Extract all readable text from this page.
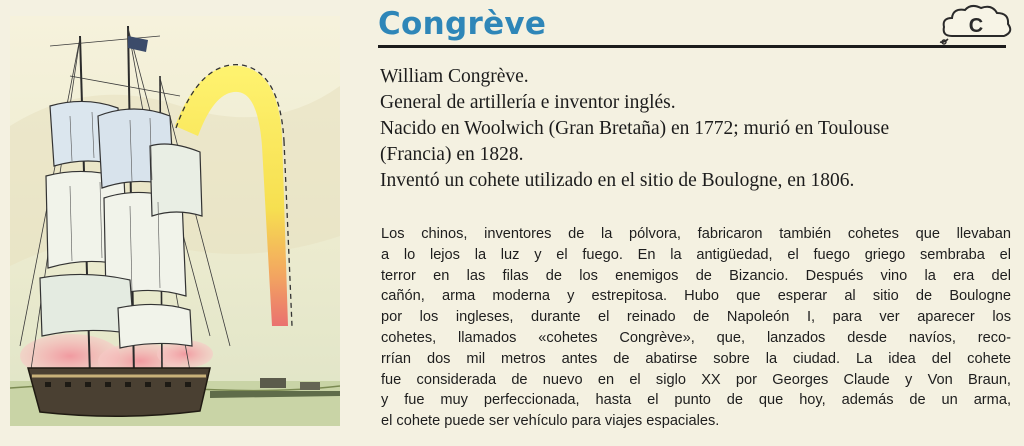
Congrève	C
William Congrève.
General de artillería e inventor inglés.
Nacido en Woolwich (Gran Bretaña) en 1772; murió en Toulouse
(Francia) en 1828.
Inventó un cohete utilizado en el sitio de Boulogne, en 1806.
Los chinos, inventores de la pólvora, fabricaron también cohetes que llevaban
a lo lejos la luz y el fuego. En la antigüedad, el fuego griego sembraba el
terror en las filas de los enemigos de Bizancio. Después vino la era del
cañón, arma moderna y estrepitosa. Hubo que esperar al sitio de Boulogne
por los ingleses, durante el reinado de Napoleón I, para ver aparecer los
cohetes, llamados «cohetes Congrève», que, lanzados desde navíos, reco-
rrían dos mil metros antes de abatirse sobre la ciudad. La idea del cohete
fue considerada de nuevo en el siglo XX por Georges Claude y Von Braun,
y fue muy perfeccionada, hasta el punto de que hoy, además de un arma,
el cohete puede ser vehículo para viajes espaciales.
